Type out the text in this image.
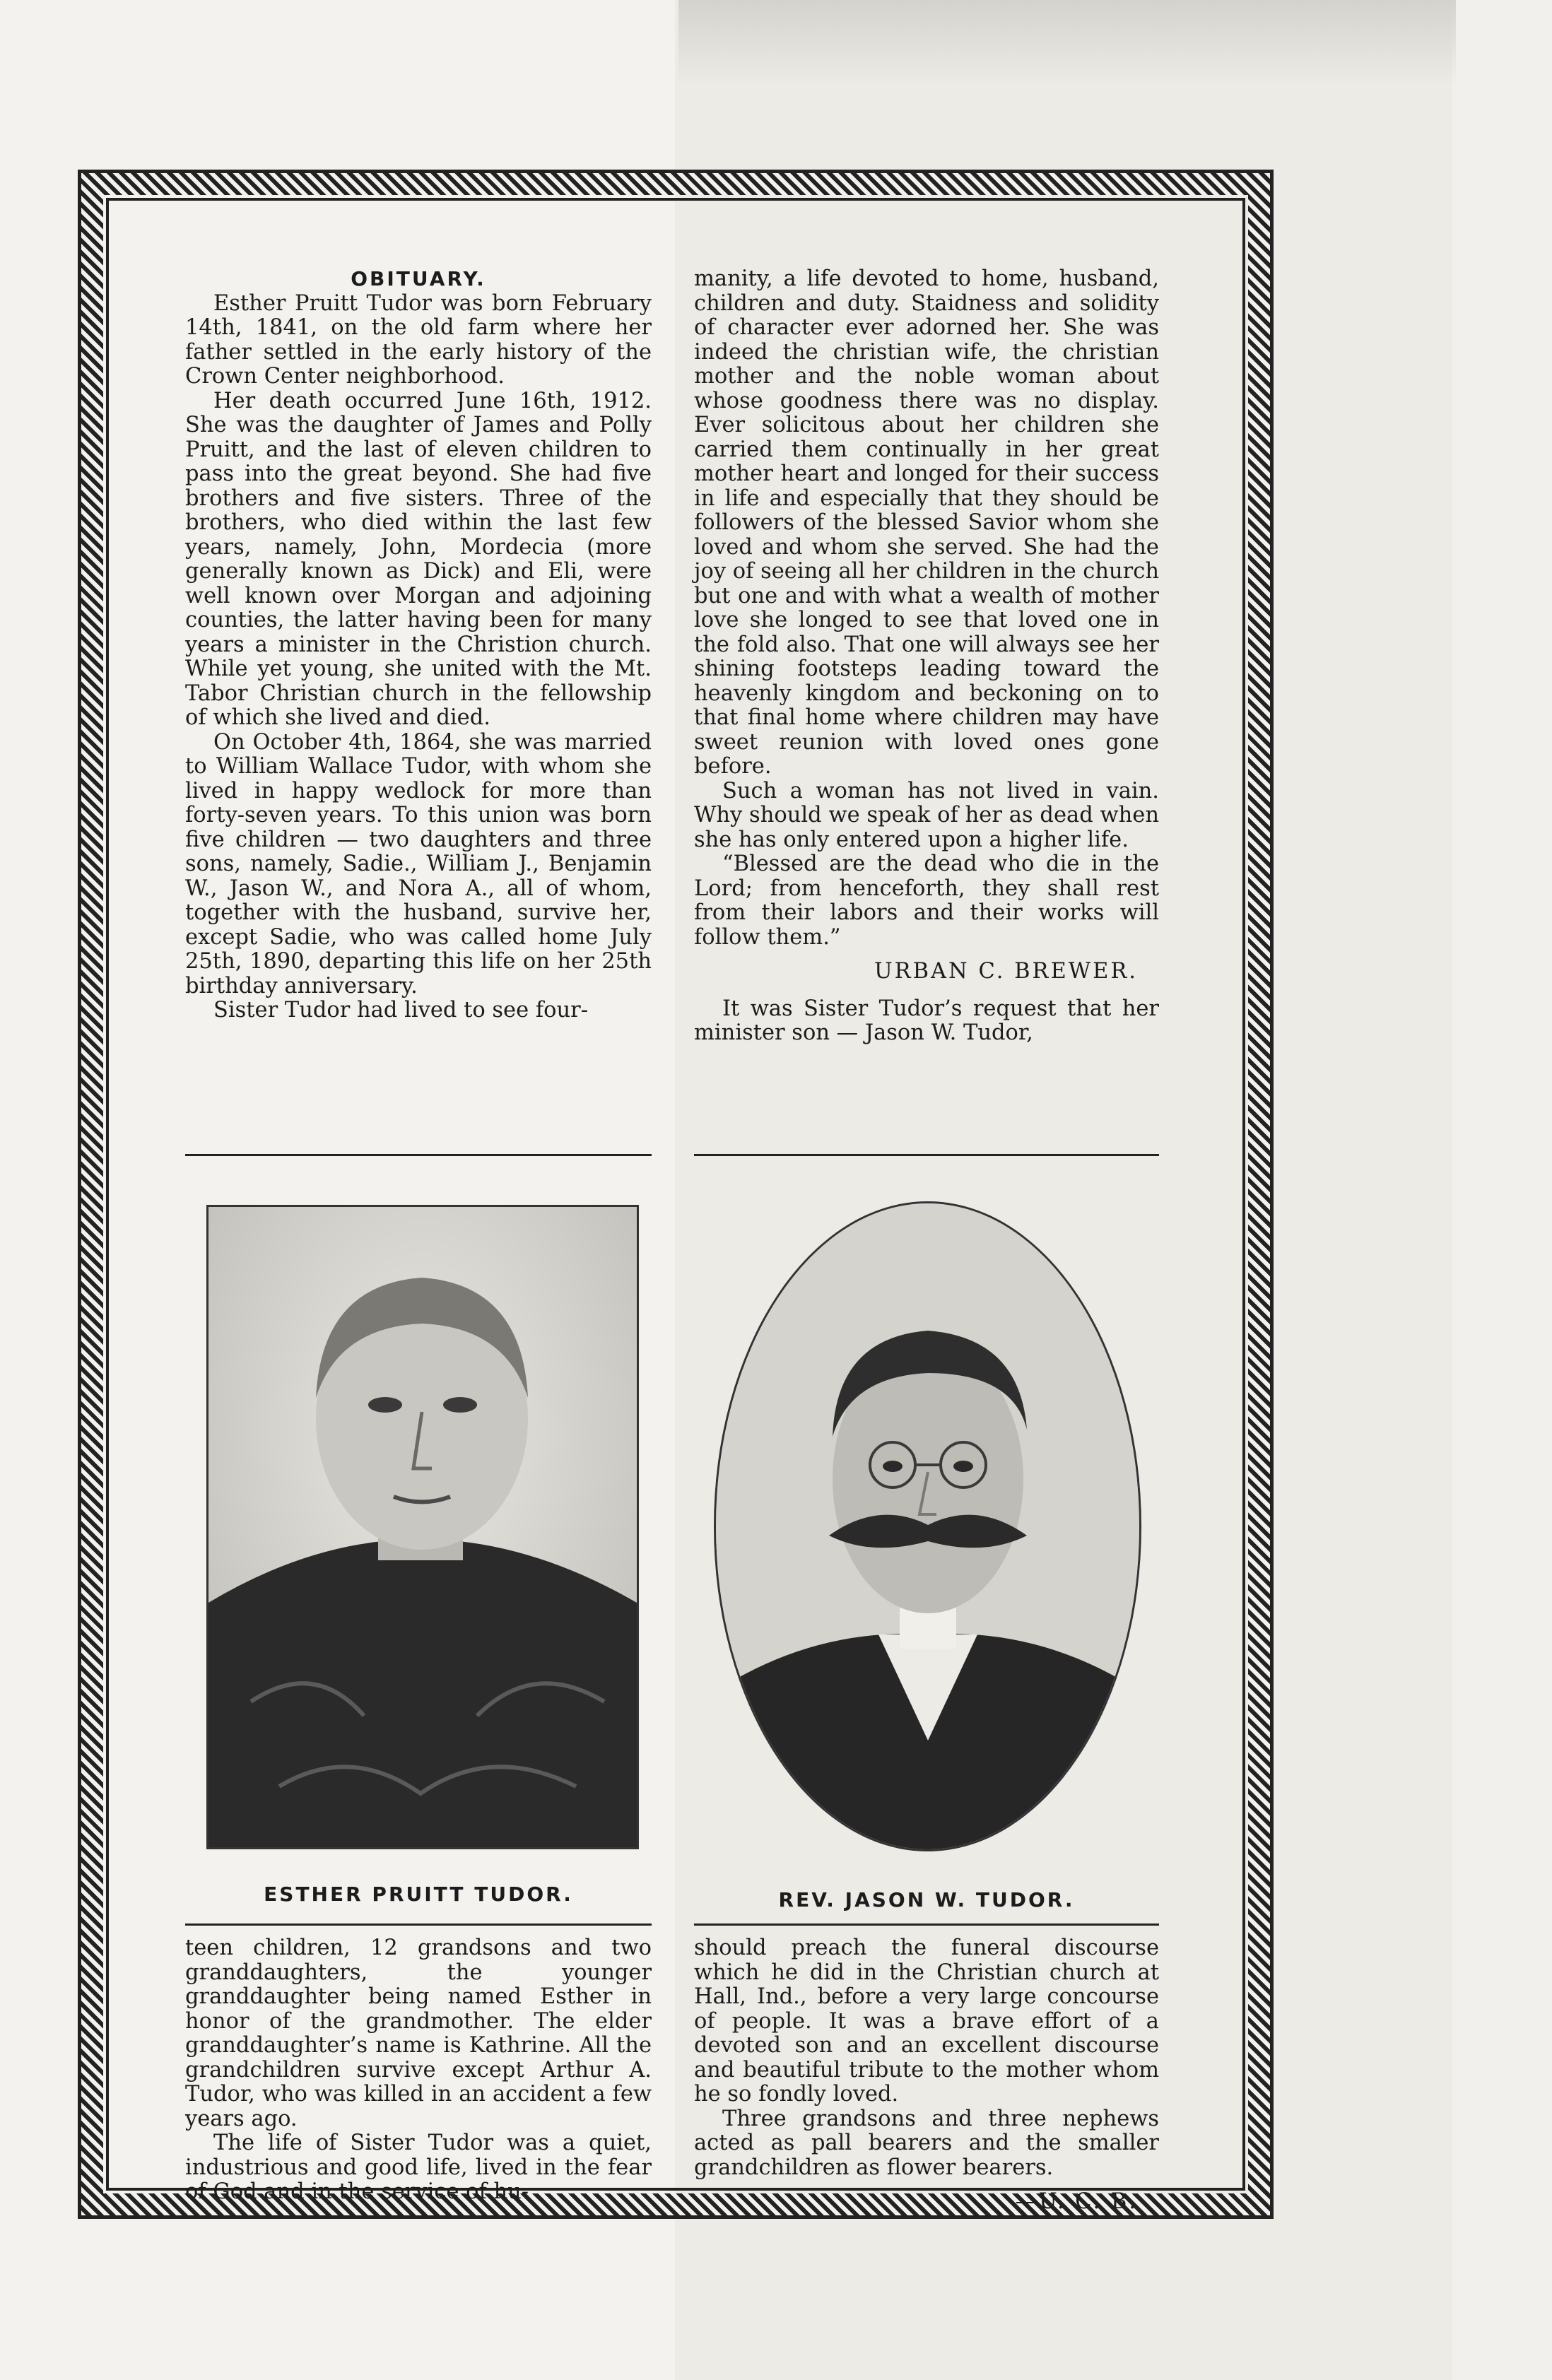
OBITUARY.

Esther Pruitt Tudor was born February 14th, 1841, on the old farm where her father settled in the early history of the Crown Center neighborhood.

Her death occurred June 16th, 1912. She was the daughter of James and Polly Pruitt, and the last of eleven children to pass into the great beyond. She had five brothers and five sisters. Three of the brothers, who died within the last few years, namely, John, Mordecia (more generally known as Dick) and Eli, were well known over Morgan and adjoining counties, the latter having been for many years a minister in the Christion church. While yet young, she united with the Mt. Tabor Christian church in the fellowship of which she lived and died.

On October 4th, 1864, she was married to William Wallace Tudor, with whom she lived in happy wedlock for more than forty-seven years. To this union was born five children — two daughters and three sons, namely, Sadie., William J., Benjamin W., Jason W., and Nora A., all of whom, together with the husband, survive her, except Sadie, who was called home July 25th, 1890, departing this life on her 25th birthday anniversary.

Sister Tudor had lived to see four-

manity, a life devoted to home, husband, children and duty. Staidness and solidity of character ever adorned her. She was indeed the christian wife, the christian mother and the noble woman about whose goodness there was no display. Ever solicitous about her children she carried them continually in her great mother heart and longed for their success in life and especially that they should be followers of the blessed Savior whom she loved and whom she served. She had the joy of seeing all her children in the church but one and with what a wealth of mother love she longed to see that loved one in the fold also. That one will always see her shining footsteps leading toward the heavenly kingdom and beckoning on to that final home where children may have sweet reunion with loved ones gone before.

Such a woman has not lived in vain. Why should we speak of her as dead when she has only entered upon a higher life.

“Blessed are the dead who die in the Lord; from henceforth, they shall rest from their labors and their works will follow them.”

URBAN C. BREWER.

It was Sister Tudor’s request that her minister son — Jason W. Tudor,

ESTHER PRUITT TUDOR.	REV. JASON W. TUDOR.

teen children, 12 grandsons and two granddaughters, the younger granddaughter being named Esther in honor of the grandmother. The elder granddaughter’s name is Kathrine. All the grandchildren survive except Arthur A. Tudor, who was killed in an accident a few years ago.

The life of Sister Tudor was a quiet, industrious and good life, lived in the fear of God and in the service of hu-

should preach the funeral discourse which he did in the Christian church at Hall, Ind., before a very large concourse of people. It was a brave effort of a devoted son and an excellent discourse and beautiful tribute to the mother whom he so fondly loved.

Three grandsons and three nephews acted as pall bearers and the smaller grandchildren as flower bearers.

—U. C. B.
